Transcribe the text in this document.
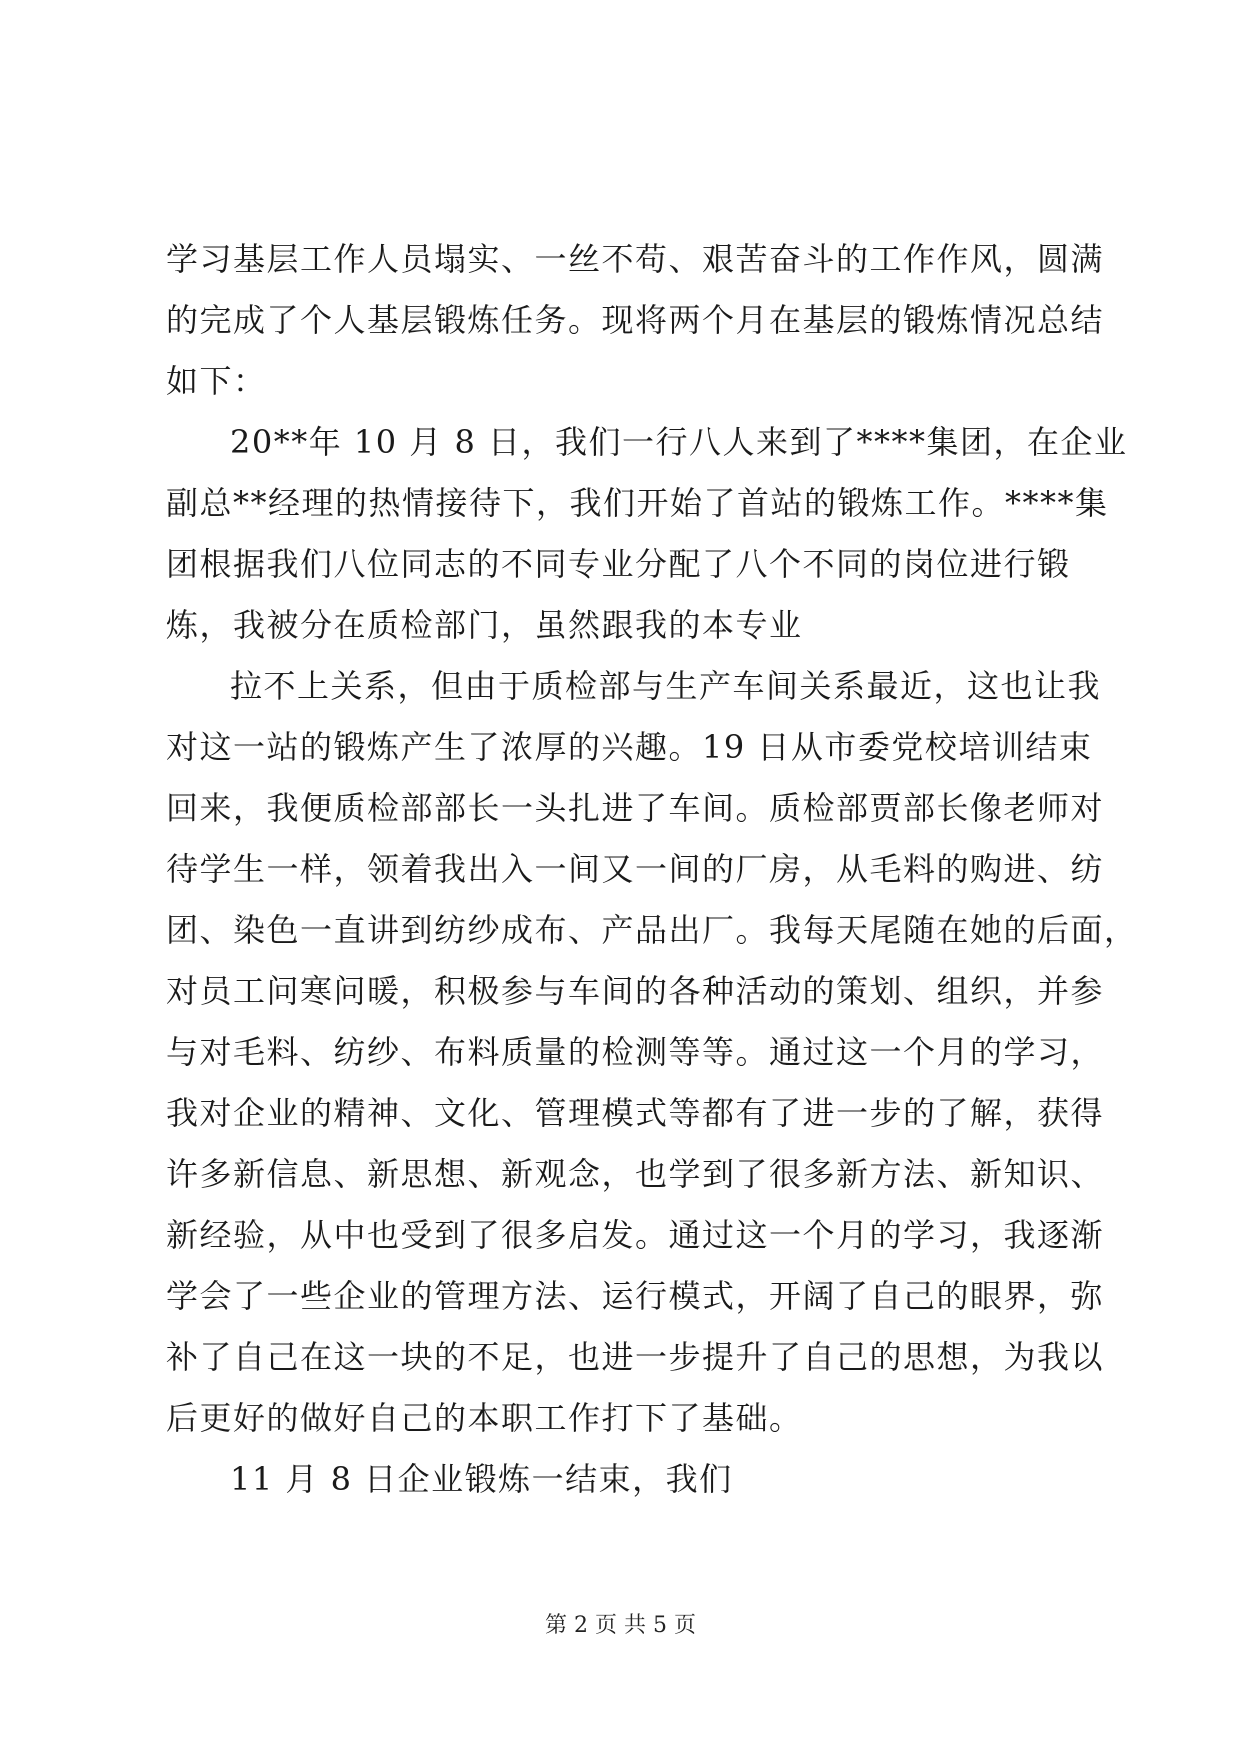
学习基层工作人员塌实、一丝不苟、艰苦奋斗的工作作风，圆满
的完成了个人基层锻炼任务。现将两个月在基层的锻炼情况总结
如下：
20**年 10 月 8 日，我们一行八人来到了****集团，在企业
副总**经理的热情接待下，我们开始了首站的锻炼工作。****集
团根据我们八位同志的不同专业分配了八个不同的岗位进行锻
炼，我被分在质检部门，虽然跟我的本专业
拉不上关系，但由于质检部与生产车间关系最近，这也让我
对这一站的锻炼产生了浓厚的兴趣。19 日从市委党校培训结束
回来，我便质检部部长一头扎进了车间。质检部贾部长像老师对
待学生一样，领着我出入一间又一间的厂房，从毛料的购进、纺
团、染色一直讲到纺纱成布、产品出厂。我每天尾随在她的后面，
对员工问寒问暖，积极参与车间的各种活动的策划、组织，并参
与对毛料、纺纱、布料质量的检测等等。通过这一个月的学习，
我对企业的精神、文化、管理模式等都有了进一步的了解，获得
许多新信息、新思想、新观念，也学到了很多新方法、新知识、
新经验，从中也受到了很多启发。通过这一个月的学习，我逐渐
学会了一些企业的管理方法、运行模式，开阔了自己的眼界，弥
补了自己在这一块的不足，也进一步提升了自己的思想，为我以
后更好的做好自己的本职工作打下了基础。
11 月 8 日企业锻炼一结束，我们
第 2 页 共 5 页
